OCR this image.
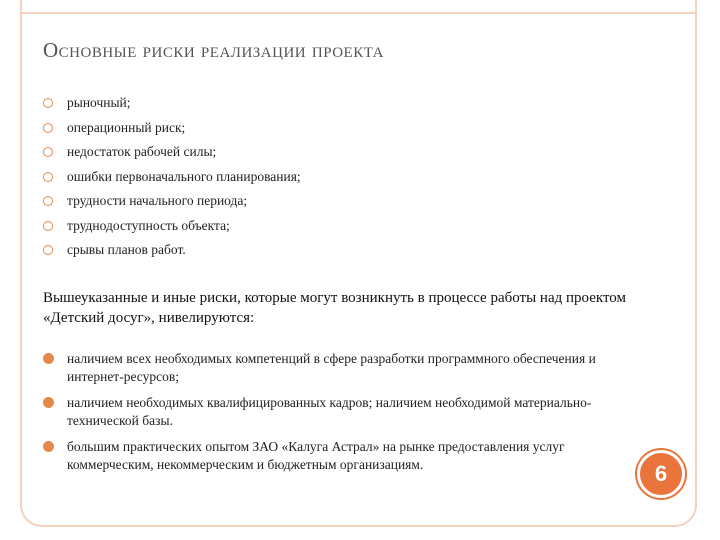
Основные риски реализации проекта
рыночный;
операционный риск;
недостаток рабочей силы;
ошибки первоначального планирования;
трудности начального периода;
труднодоступность объекта;
срывы планов работ.

Вышеуказанные и иные риски, которые могут возникнуть в процессе работы над проектом «Детский досуг», нивелируются:

наличием всех необходимых компетенций в сфере разработки программного обеспечения и интернет-ресурсов;
наличием необходимых квалифицированных кадров; наличием необходимой материально-технической базы.
большим практических опытом ЗАО «Калуга Астрал» на рынке предоставления услуг коммерческим, некоммерческим и бюджетным организациям.	6
